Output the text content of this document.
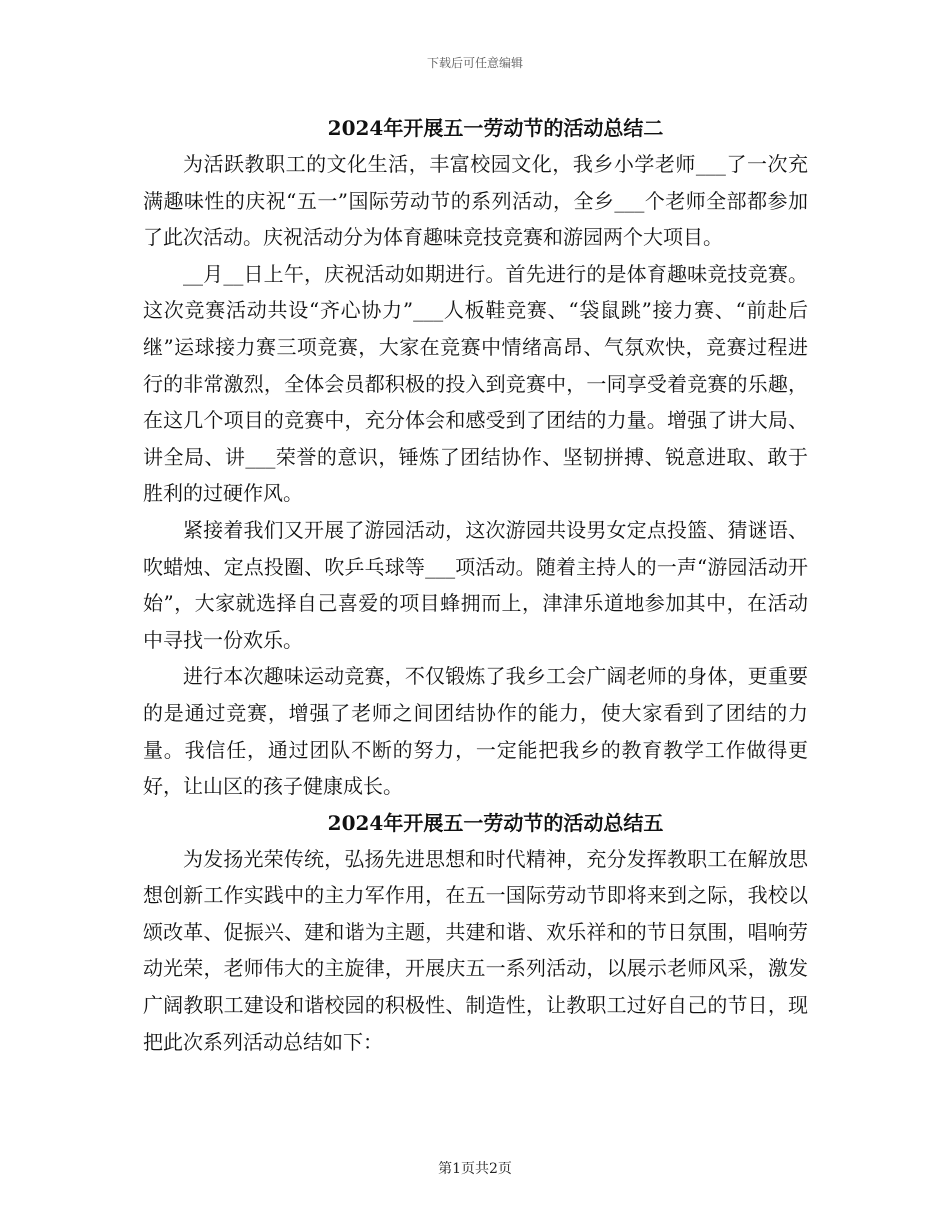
下载后可任意编辑
2024年开展五一劳动节的活动总结二

为活跃教职工的文化生活，丰富校园文化，我乡小学老师___了一次充满趣味性的庆祝“五一”国际劳动节的系列活动，全乡___个老师全部都参加了此次活动。庆祝活动分为体育趣味竞技竞赛和游园两个大项目。

__月__日上午，庆祝活动如期进行。首先进行的是体育趣味竞技竞赛。这次竞赛活动共设“齐心协力”___人板鞋竞赛、“袋鼠跳”接力赛、“前赴后继”运球接力赛三项竞赛，大家在竞赛中情绪高昂、气氛欢快，竞赛过程进行的非常激烈，全体会员都积极的投入到竞赛中，一同享受着竞赛的乐趣，在这几个项目的竞赛中，充分体会和感受到了团结的力量。增强了讲大局、讲全局、讲___荣誉的意识，锤炼了团结协作、坚韧拼搏、锐意进取、敢于胜利的过硬作风。

紧接着我们又开展了游园活动，这次游园共设男女定点投篮、猜谜语、吹蜡烛、定点投圈、吹乒乓球等___项活动。随着主持人的一声“游园活动开始”，大家就选择自己喜爱的项目蜂拥而上，津津乐道地参加其中，在活动中寻找一份欢乐。

进行本次趣味运动竞赛，不仅锻炼了我乡工会广阔老师的身体，更重要的是通过竞赛，增强了老师之间团结协作的能力，使大家看到了团结的力量。我信任，通过团队不断的努力，一定能把我乡的教育教学工作做得更好，让山区的孩子健康成长。

2024年开展五一劳动节的活动总结五

为发扬光荣传统，弘扬先进思想和时代精神，充分发挥教职工在解放思想创新工作实践中的主力军作用，在五一国际劳动节即将来到之际，我校以颂改革、促振兴、建和谐为主题，共建和谐、欢乐祥和的节日氛围，唱响劳动光荣，老师伟大的主旋律，开展庆五一系列活动，以展示老师风采，激发广阔教职工建设和谐校园的积极性、制造性，让教职工过好自己的节日，现把此次系列活动总结如下：

第1页共2页
